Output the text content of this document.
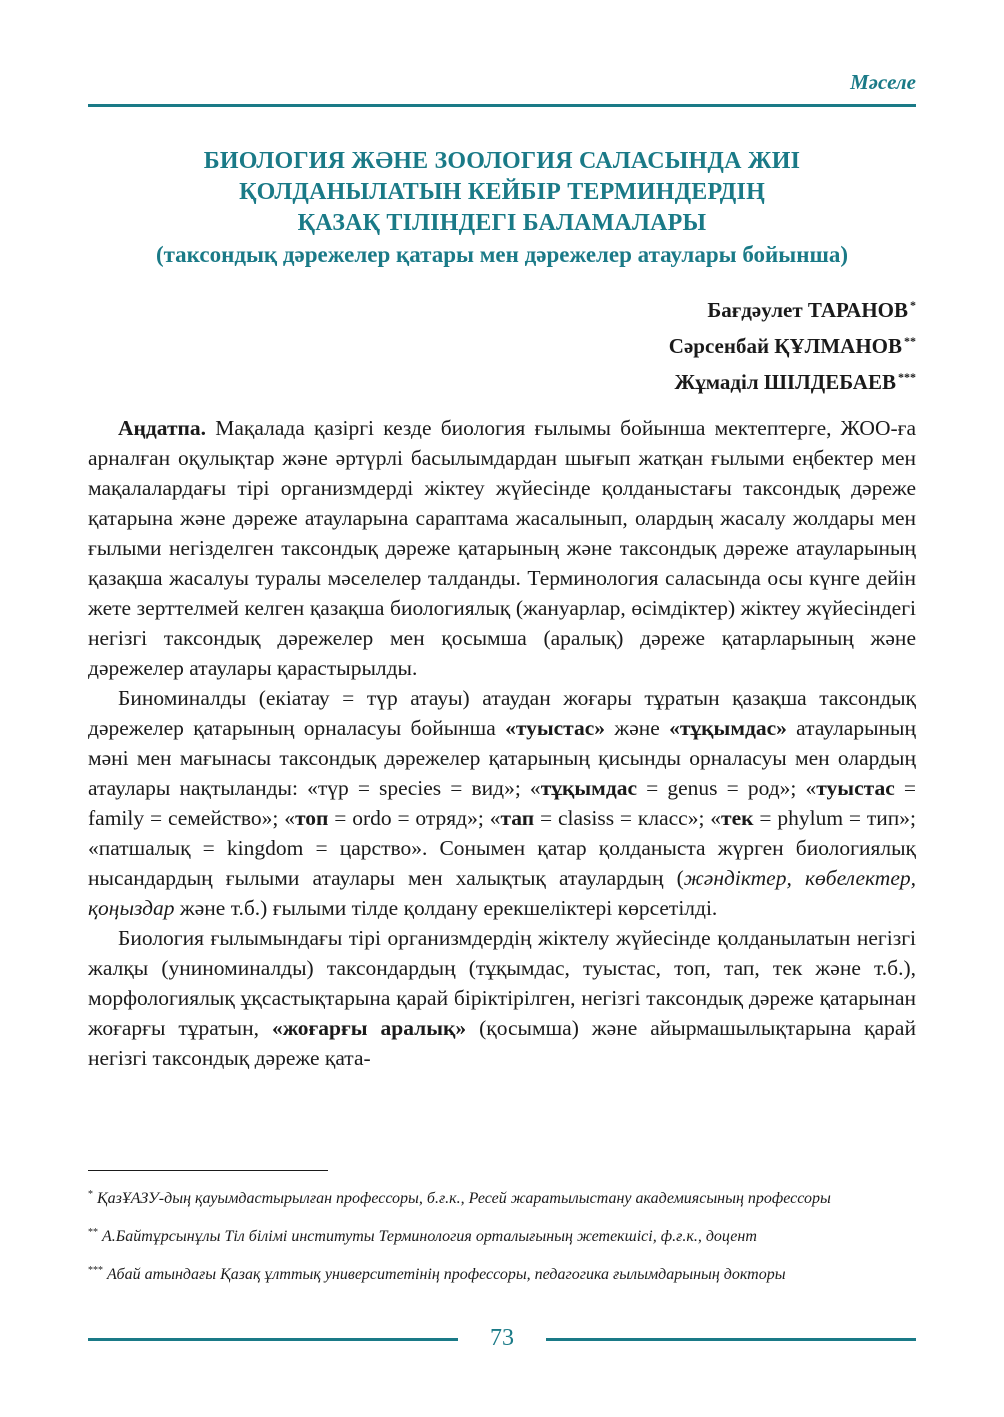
Мәселе
БИОЛОГИЯ ЖӘНЕ ЗООЛОГИЯ САЛАСЫНДА ЖИІ
ҚОЛДАНЫЛАТЫН КЕЙБІР ТЕРМИНДЕРДІҢ
ҚАЗАҚ ТІЛІНДЕГІ БАЛАМАЛАРЫ
(таксондық дәрежелер қатары мен дәрежелер атаулары бойынша)
Бағдәулет ТАРАНОВ *
Сәрсенбай ҚҰЛМАНОВ **
Жұмаділ ШІЛДЕБАЕВ ***

Аңдатпа. Мақалада қазіргі кезде биология ғылымы бойынша мектептерге, ЖОО-ға арналған оқулықтар және әртүрлі басылымдардан шығып жатқан ғылыми еңбектер мен мақалалардағы тірі организмдерді жіктеу жүйесінде қолданыстағы таксондық дәреже қатарына және дәреже атауларына сараптама жасалынып, олардың жасалу жолдары мен ғылыми негізделген таксондық дәреже қатарының және таксондық дәреже атауларының қазақша жасалуы туралы мәселелер талданды. Терминология саласында осы күнге дейін жете зерттелмей келген қазақша биологиялық (жануарлар, өсімдіктер) жіктеу жүйесіндегі негізгі таксондық дәрежелер мен қосымша (аралық) дәреже қатарларының және дәрежелер атаулары қарастырылды.

Биноминалды (екіатау = түр атауы) атаудан жоғары тұратын қазақша таксондық дәрежелер қатарының орналасуы бойынша «туыстас» және «тұқымдас» атауларының мәні мен мағынасы таксондық дәрежелер қатарының қисынды орналасуы мен олардың атаулары нақтыланды: «түр = species = вид»; «тұқымдас = genus = род»; «туыстас = family = семейство»; «топ = ordo = отряд»; «тап = clasiss = класс»; «тек = phylum = тип»; «патшалық = kingdom = царство». Сонымен қатар қолданыста жүрген биологиялық нысандардың ғылыми атаулары мен халықтық атаулардың (жәндіктер, көбелектер, қоңыздар және т.б.) ғылыми тілде қолдану ерекшеліктері көрсетілді.

Биология ғылымындағы тірі организмдердің жіктелу жүйесінде қолданылатын негізгі жалқы (униноминалды) таксондардың (тұқымдас, туыстас, топ, тап, тек және т.б.), морфологиялық ұқсастықтарына қарай біріктірілген, негізгі таксондық дәреже қатарынан жоғарғы тұратын, «жоғарғы аралық» (қосымша) және айырмашылықтарына қарай негізгі таксондық дәреже қата-

* ҚазҰАЗУ-дың қауымдастырылған профессоры, б.ғ.к., Ресей жаратылыстану академиясының профессоры

** А.Байтұрсынұлы Тіл білімі институты Терминология орталығының жетекшісі, ф.ғ.к., доцент

*** Абай атындағы Қазақ ұлттық университетінің профессоры, педагогика ғылымдарының докторы

73
